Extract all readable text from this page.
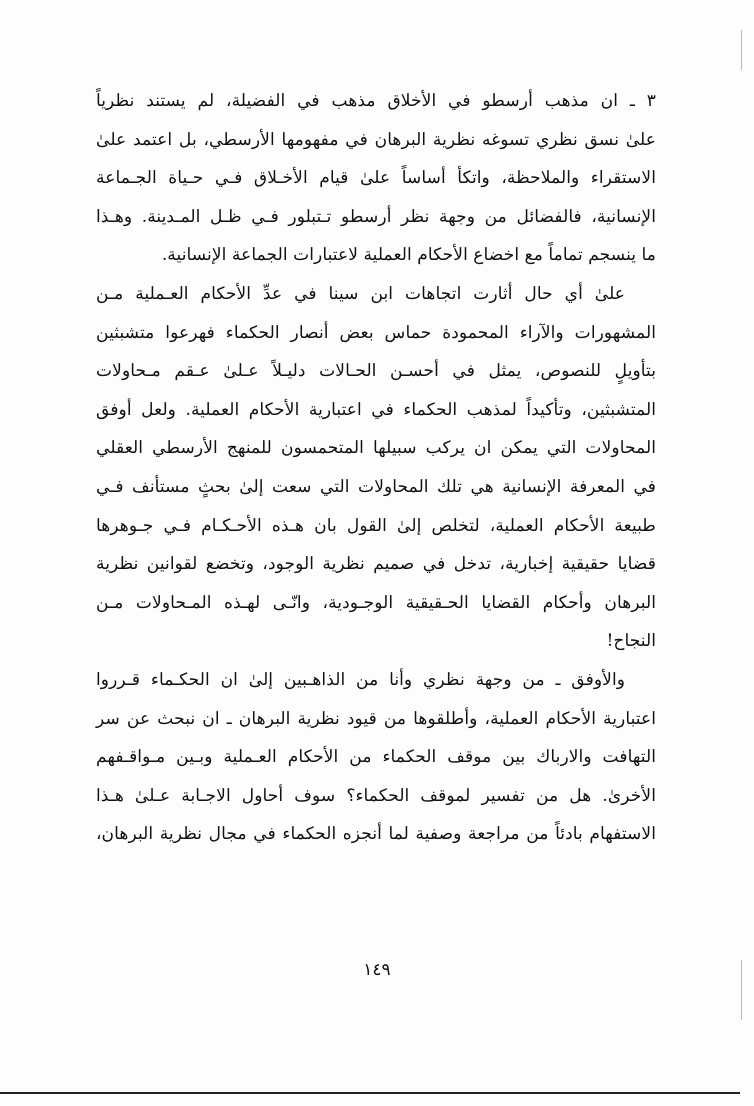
٣ ـ ان مذهب أرسطو في الأخلاق مذهب في الفضيلة، لم يستند نظرياً
علىٰ نسق نظري تسوغه نظرية البرهان في مفهومها الأرسطي، بل اعتمد علىٰ
الاستقراء والملاحظة، واتكأ أساساً علىٰ قيام الأخـلاق فـي حـياة الجـماعة
الإنسانية، فالفضائل من وجهة نظر أرسطو تـتبلور فـي ظـل المـدينة. وهـذا
ما ينسجم تماماً مع اخضاع الأحكام العملية لاعتبارات الجماعة الإنسانية.

علىٰ أي حال أثارت اتجاهات ابن سينا في عدِّ الأحكام العـملية مـن
المشهورات والآراء المحمودة حماس بعض أنصار الحكماء فهرعوا متشبثين
بتأويلٍ للنصوص، يمثل في أحسـن الحـالات دليـلاً عـلىٰ عـقم مـحاولات
المتشبثين، وتأكيداً لمذهب الحكماء في اعتبارية الأحكام العملية. ولعل أوفق
المحاولات التي يمكن ان يركب سبيلها المتحمسون للمنهج الأرسطي العقلي
في المعرفة الإنسانية هي تلك المحاولات التي سعت إلىٰ بحثٍ مستأنف فـي
طبيعة الأحكام العملية، لتخلص إلىٰ القول بان هـذه الأحـكـام فـي جـوهرها
قضايا حقيقية إخبارية، تدخل في صميم نظرية الوجود، وتخضع لقوانين نظرية
البرهان وأحكام القضايا الحـقيقية الوجـودية، وانّـى لهـذه المـحاولات مـن
النجاح!

والأوفق ـ من وجهة نظري وأنا من الذاهـبين إلىٰ ان الحكـماء قـرروا
اعتبارية الأحكام العملية، وأطلقوها من قيود نظرية البرهان ـ ان نبحث عن سر
التهافت والارباك بين موقف الحكماء من الأحكام العـملية وبـين مـواقـفهم
الأخرىٰ. هل من تفسير لموقف الحكماء؟ سوف أحاول الاجـابة عـلىٰ هـذا
الاستفهام بادئاً من مراجعة وصفية لما أنجزه الحكماء في مجال نظرية البرهان،

١٤٩
